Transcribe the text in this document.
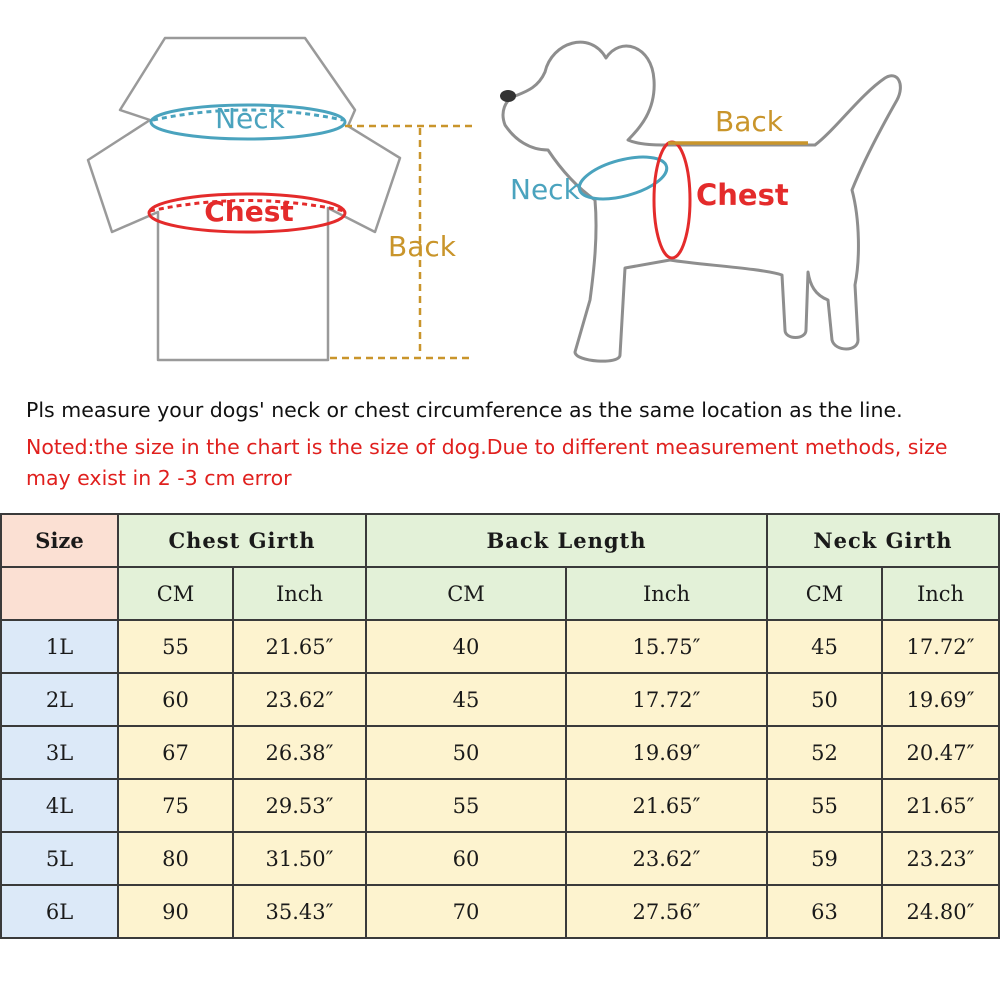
Neck
Chest
Back
Neck	Chest
Back
Pls measure your dogs' neck or chest circumference as the same location as the line.
Noted:the size in the chart is the size of dog.Due to different measurement methods, size may exist in 2 -3 cm error
Size	Chest Girth		Back Length		Neck Girth	
	CM	Inch	CM	Inch	CM	Inch
1L	55	21.65″	40	15.75″	45	17.72″
2L	60	23.62″	45	17.72″	50	19.69″
3L	67	26.38″	50	19.69″	52	20.47″
4L	75	29.53″	55	21.65″	55	21.65″
5L	80	31.50″	60	23.62″	59	23.23″
6L	90	35.43″	70	27.56″	63	24.80″
